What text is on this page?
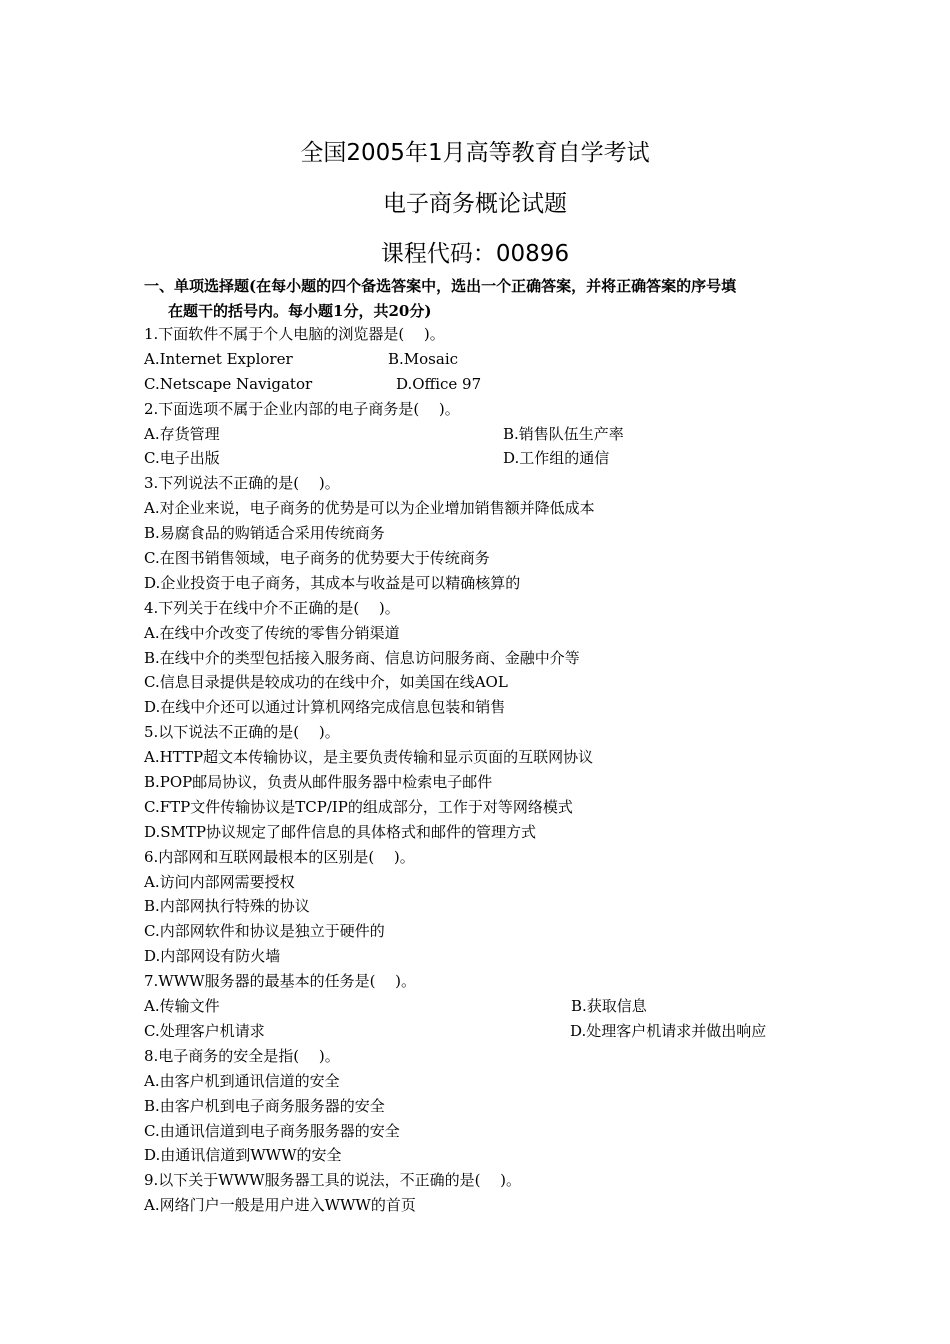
全国2005年1月高等教育自学考试
电子商务概论试题
课程代码：00896
一、单项选择题(在每小题的四个备选答案中，选出一个正确答案，并将正确答案的序号填
在题干的括号内。每小题1分，共20分)
1.下面软件不属于个人电脑的浏览器是(　 )。
A.Internet Explorer	B.Mosaic
C.Netscape Navigator	D.Office 97
2.下面选项不属于企业内部的电子商务是(　 )。
A.存货管理	B.销售队伍生产率
C.电子出版	D.工作组的通信
3.下列说法不正确的是(　 )。
A.对企业来说，电子商务的优势是可以为企业增加销售额并降低成本
B.易腐食品的购销适合采用传统商务
C.在图书销售领域，电子商务的优势要大于传统商务
D.企业投资于电子商务，其成本与收益是可以精确核算的
4.下列关于在线中介不正确的是(　 )。
A.在线中介改变了传统的零售分销渠道
B.在线中介的类型包括接入服务商、信息访问服务商、金融中介等
C.信息目录提供是较成功的在线中介，如美国在线AOL
D.在线中介还可以通过计算机网络完成信息包装和销售
5.以下说法不正确的是(　 )。
A.HTTP超文本传输协议，是主要负责传输和显示页面的互联网协议
B.POP邮局协议，负责从邮件服务器中检索电子邮件
C.FTP文件传输协议是TCP/IP的组成部分，工作于对等网络模式
D.SMTP协议规定了邮件信息的具体格式和邮件的管理方式
6.内部网和互联网最根本的区别是(　 )。
A.访问内部网需要授权
B.内部网执行特殊的协议
C.内部网软件和协议是独立于硬件的
D.内部网设有防火墙
7.WWW服务器的最基本的任务是(　 )。
A.传输文件	B.获取信息
C.处理客户机请求	D.处理客户机请求并做出响应
8.电子商务的安全是指(　 )。
A.由客户机到通讯信道的安全
B.由客户机到电子商务服务器的安全
C.由通讯信道到电子商务服务器的安全
D.由通讯信道到WWW的安全
9.以下关于WWW服务器工具的说法，不正确的是(　 )。
A.网络门户一般是用户进入WWW的首页
